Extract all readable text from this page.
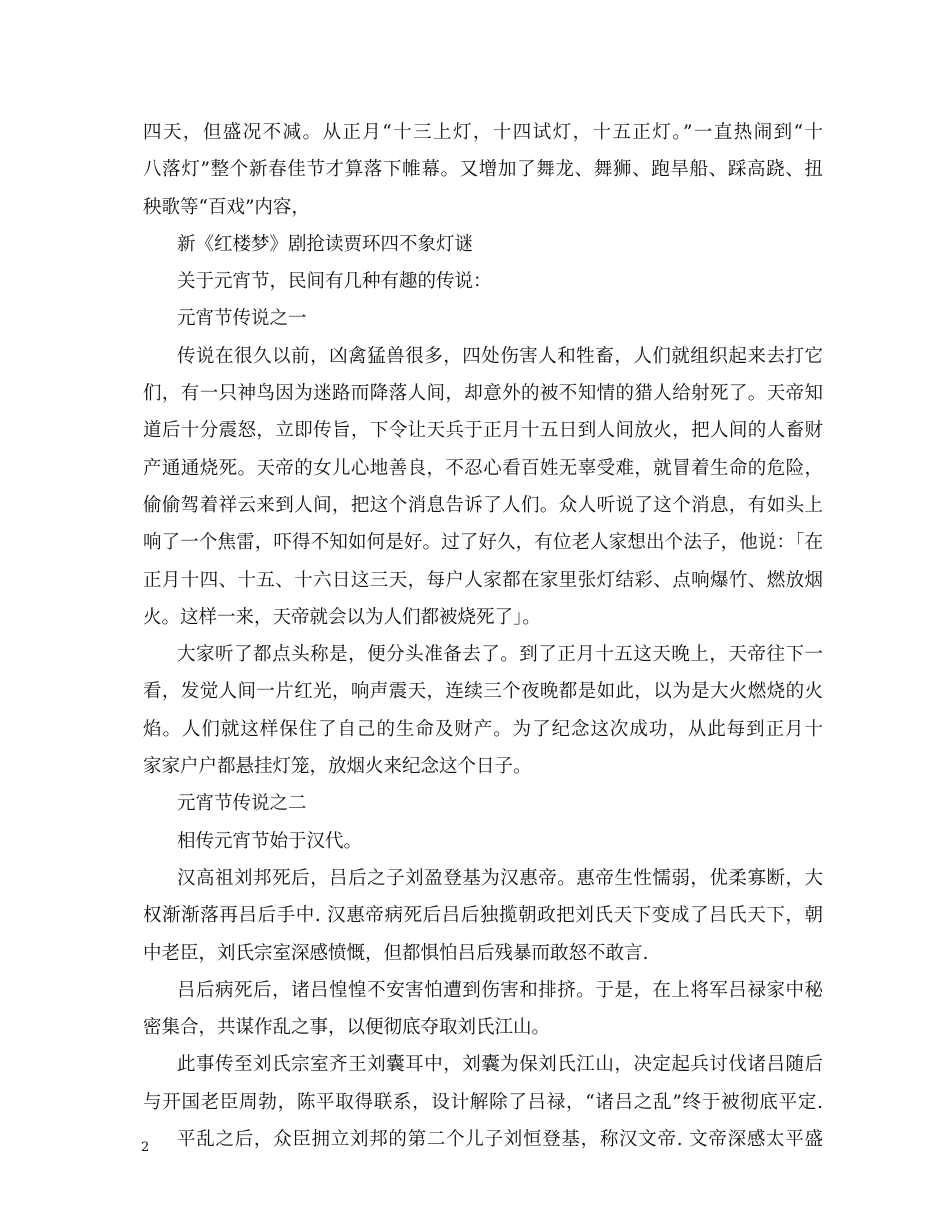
四天，但盛况不减。从正月“十三上灯，十四试灯，十五正灯。”一直热闹到“十
八落灯”整个新春佳节才算落下帷幕。又增加了舞龙、舞狮、跑旱船、踩高跷、扭
秧歌等“百戏”内容，
新《红楼梦》剧抢读贾环四不象灯谜
关于元宵节，民间有几种有趣的传说：
元宵节传说之一
传说在很久以前，凶禽猛兽很多，四处伤害人和牲畜，人们就组织起来去打它
们，有一只神鸟因为迷路而降落人间，却意外的被不知情的猎人给射死了。天帝知
道后十分震怒，立即传旨，下令让天兵于正月十五日到人间放火，把人间的人畜财
产通通烧死。天帝的女儿心地善良，不忍心看百姓无辜受难，就冒着生命的危险，
偷偷驾着祥云来到人间，把这个消息告诉了人们。众人听说了这个消息，有如头上
响了一个焦雷，吓得不知如何是好。过了好久，有位老人家想出个法子，他说：「在
正月十四、十五、十六日这三天，每户人家都在家里张灯结彩、点响爆竹、燃放烟
火。这样一来，天帝就会以为人们都被烧死了」。
大家听了都点头称是，便分头准备去了。到了正月十五这天晚上，天帝往下一
看，发觉人间一片红光，响声震天，连续三个夜晚都是如此，以为是大火燃烧的火
焰。人们就这样保住了自己的生命及财产。为了纪念这次成功，从此每到正月十
家家户户都悬挂灯笼，放烟火来纪念这个日子。
元宵节传说之二
相传元宵节始于汉代。
汉高祖刘邦死后，吕后之子刘盈登基为汉惠帝。惠帝生性懦弱，优柔寡断，大
权渐渐落再吕后手中. 汉惠帝病死后吕后独揽朝政把刘氏天下变成了吕氏天下，朝
中老臣，刘氏宗室深感愤慨，但都惧怕吕后残暴而敢怒不敢言.
吕后病死后，诸吕惶惶不安害怕遭到伤害和排挤。于是，在上将军吕禄家中秘
密集合，共谋作乱之事，以便彻底夺取刘氏江山。
此事传至刘氏宗室齐王刘囊耳中，刘囊为保刘氏江山，决定起兵讨伐诸吕随后
与开国老臣周勃，陈平取得联系，设计解除了吕禄，“诸吕之乱”终于被彻底平定.
平乱之后，众臣拥立刘邦的第二个儿子刘恒登基，称汉文帝. 文帝深感太平盛
2
